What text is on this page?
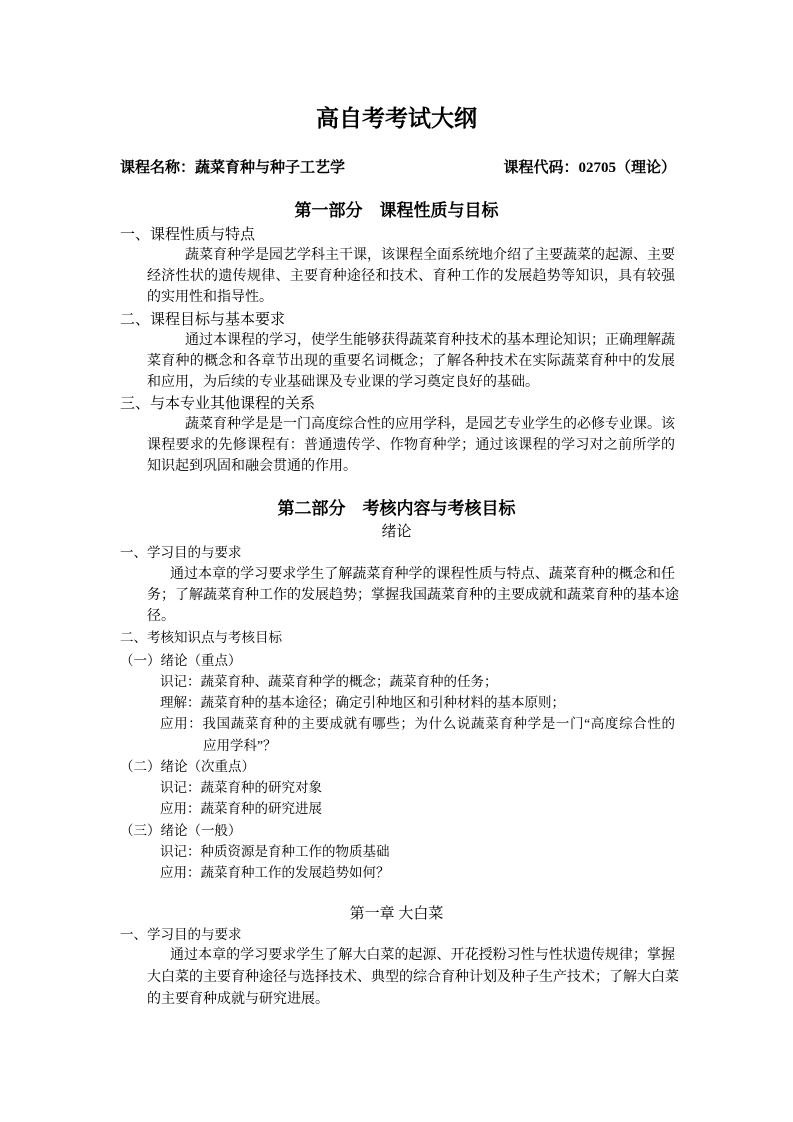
高自考考试大纲
课程名称：蔬菜育种与种子工艺学	课程代码：02705（理论）
第一部分　课程性质与目标
一、课程性质与特点
蔬菜育种学是园艺学科主干课，该课程全面系统地介绍了主要蔬菜的起源、主要
经济性状的遗传规律、主要育种途径和技术、育种工作的发展趋势等知识，具有较强
的实用性和指导性。
二、课程目标与基本要求
通过本课程的学习，使学生能够获得蔬菜育种技术的基本理论知识；正确理解蔬
菜育种的概念和各章节出现的重要名词概念；了解各种技术在实际蔬菜育种中的发展
和应用，为后续的专业基础课及专业课的学习奠定良好的基础。
三、与本专业其他课程的关系
蔬菜育种学是是一门高度综合性的应用学科，是园艺专业学生的必修专业课。该
课程要求的先修课程有：普通遗传学、作物育种学；通过该课程的学习对之前所学的
知识起到巩固和融会贯通的作用。
第二部分　考核内容与考核目标
绪论
一、学习目的与要求
通过本章的学习要求学生了解蔬菜育种学的课程性质与特点、蔬菜育种的概念和任
务；了解蔬菜育种工作的发展趋势；掌握我国蔬菜育种的主要成就和蔬菜育种的基本途
径。
二、考核知识点与考核目标
（一）绪论（重点）
识记：蔬菜育种、蔬菜育种学的概念；蔬菜育种的任务；
理解：蔬菜育种的基本途径；确定引种地区和引种材料的基本原则；
应用：我国蔬菜育种的主要成就有哪些；为什么说蔬菜育种学是一门“高度综合性的
应用学科”？
（二）绪论（次重点）
识记：蔬菜育种的研究对象
应用：蔬菜育种的研究进展
（三）绪论（一般）
识记：种质资源是育种工作的物质基础
应用：蔬菜育种工作的发展趋势如何？
第一章 大白菜
一、学习目的与要求
通过本章的学习要求学生了解大白菜的起源、开花授粉习性与性状遗传规律；掌握
大白菜的主要育种途径与选择技术、典型的综合育种计划及种子生产技术；了解大白菜
的主要育种成就与研究进展。
